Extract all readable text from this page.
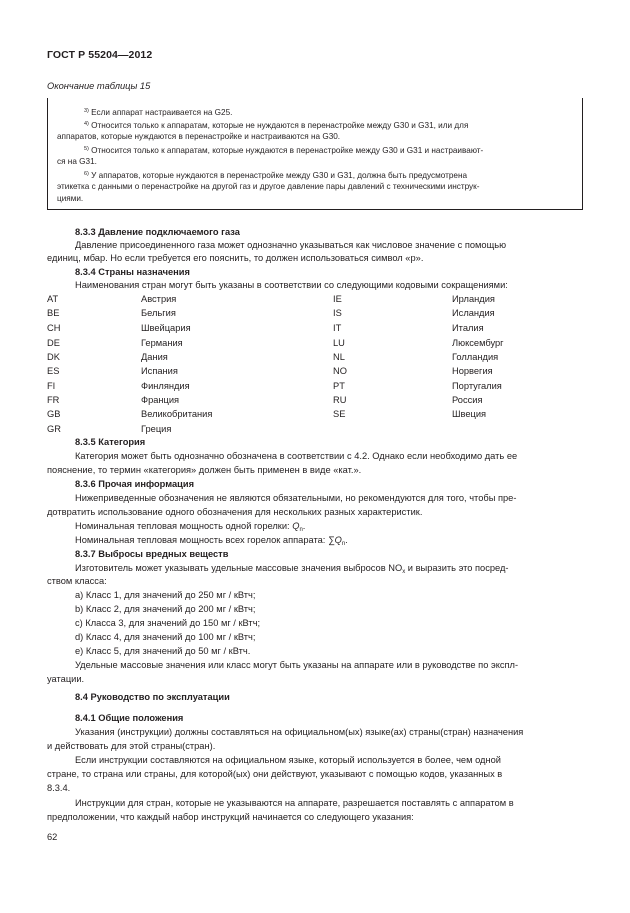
ГОСТ Р 55204—2012
Окончание таблицы 15
$^{3)}$ Если аппарат настраивается на G25.
$^{4)}$ Относится только к аппаратам, которые не нуждаются в перенастройке между G30 и G31, или для
аппаратов, которые нуждаются в перенастройке и настраиваются на G30.
$^{5)}$ Относится только к аппаратам, которые нуждаются в перенастройке между G30 и G31 и настраивают-
ся на G31.
$^{6)}$ У аппаратов, которые нуждаются в перенастройке между G30 и G31, должна быть предусмотрена
этикетка с данными о перенастройке на другой газ и другое давление пары давлений с техническими инструк-
циями.
8.3.3 Давление подключаемого газа
Давление присоединенного газа может однозначно указываться как числовое значение с помощью
единиц, мбар. Но если требуется его пояснить, то должен использоваться символ «р».
8.3.4 Страны назначения
Наименования стран могут быть указаны в соответствии со следующими кодовыми сокращениями:
AT	Австрия	IE	Ирландия
BE	Бельгия	IS	Исландия
CH	Швейцария	IT	Италия
DE	Германия	LU	Люксембург
DK	Дания	NL	Голландия
ES	Испания	NO	Норвегия
FI	Финляндия	PT	Португалия
FR	Франция	RU	Россия
GB	Великобритания	SE	Швеция
GR	Греция
8.3.5 Категория
Категория может быть однозначно обозначена в соответствии с 4.2. Однако если необходимо дать ее
пояснение, то термин «категория» должен быть применен в виде «кат.».
8.3.6 Прочая информация
Нижеприведенные обозначения не являются обязательными, но рекомендуются для того, чтобы пре-
дотвратить использование одного обозначения для нескольких разных характеристик.
Номинальная тепловая мощность одной горелки: $Q_n$.
Номинальная тепловая мощность всех горелок аппарата: $\sum Q_n$.
8.3.7 Выбросы вредных веществ
Изготовитель может указывать удельные массовые значения выбросов $NO_x$ и выразить это посред-
ством класса:
а) Класс 1, для значений до 250 мг / кВтч;
b) Класс 2, для значений до 200 мг / кВтч;
c) Класса 3, для значений до 150 мг / кВтч;
d) Класс 4, для значений до 100 мг / кВтч;
e) Класс 5, для значений до 50 мг / кВтч.
Удельные массовые значения или класс могут быть указаны на аппарате или в руководстве по экспл-
уатации.
8.4 Руководство по эксплуатации
8.4.1 Общие положения
Указания (инструкции) должны составляться на официальном(ых) языке(ах) страны(стран) назначения
и действовать для этой страны(стран).
Если инструкции составляются на официальном языке, который используется в более, чем одной
стране, то страна или страны, для которой(ых) они действуют, указывают с помощью кодов, указанных в
8.3.4.
Инструкции для стран, которые не указываются на аппарате, разрешается поставлять с аппаратом в
предположении, что каждый набор инструкций начинается со следующего указания:
62
